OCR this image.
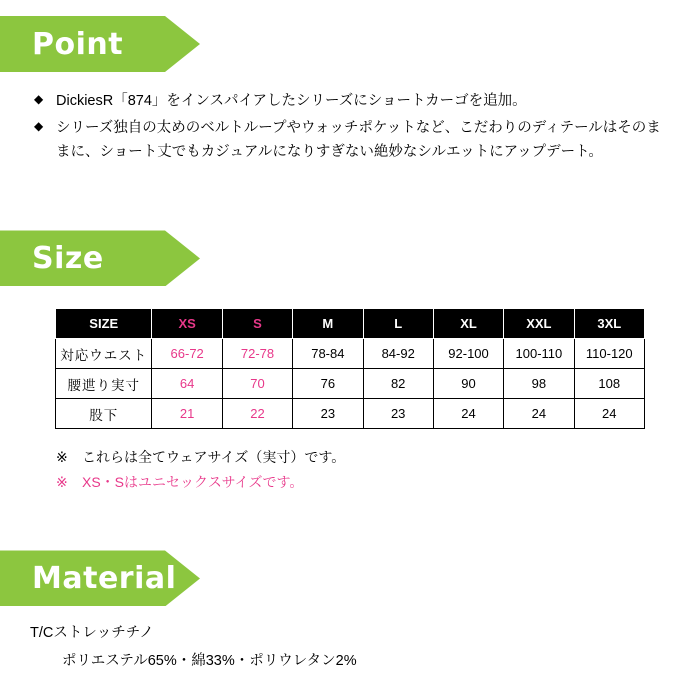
Point
◆ DickiesR「874」をインスパイアしたシリーズにショートカーゴを追加。
◆ シリーズ独自の太めのベルトループやウォッチポケットなど、こだわりのディテールはそのままに、ショート丈でもカジュアルになりすぎない絶妙なシルエットにアップデート。
Size
SIZE	XS	S	M	L	XL	XXL	3XL
対応ウエスト	66-72	72-78	78-84	84-92	92-100	100-110	110-120
腰迣り実寸	64	70	76	82	90	98	108
股下	21	22	23	23	24	24	24
※	これらは全てウェアサイズ（実寸）です。
※	XS・Sはユニセックスサイズです。
Material
T/Cストレッチチノ
ポリエステル65%・綿33%・ポリウレタン2%
